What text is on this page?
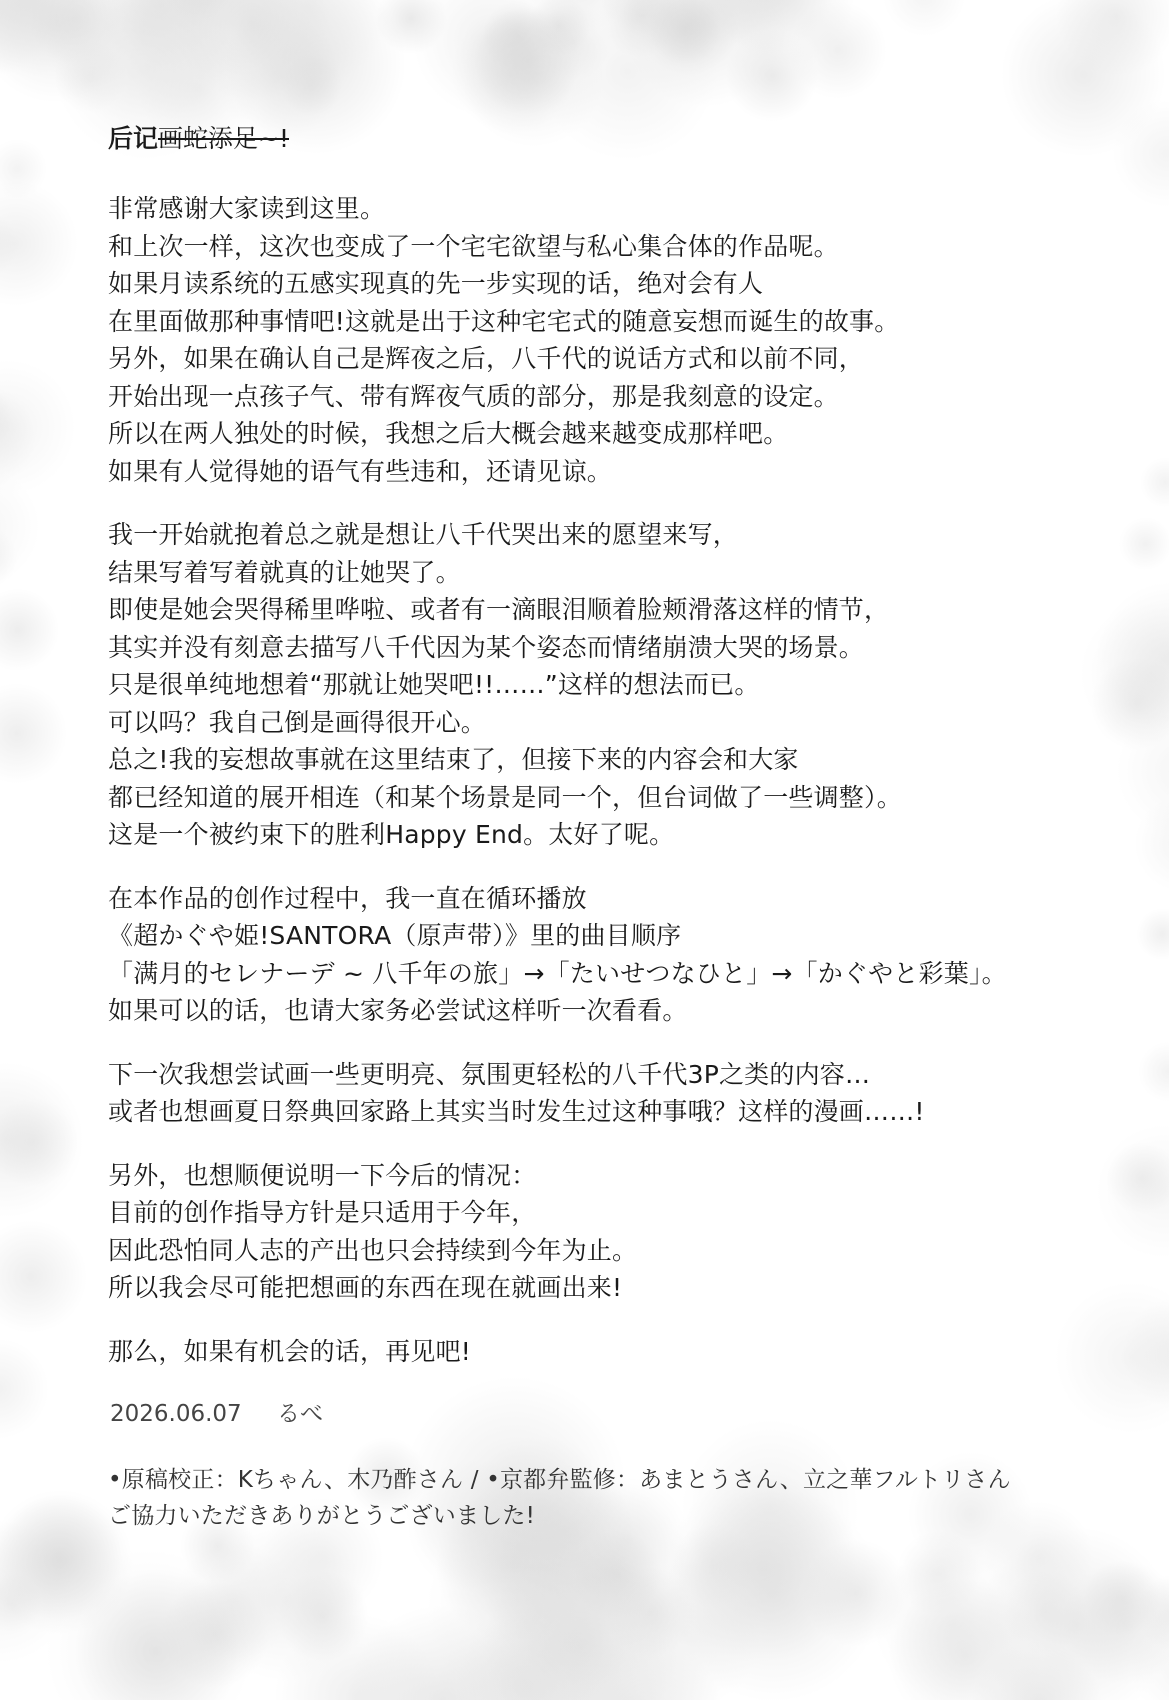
后记画蛇添足~!
非常感谢大家读到这里。
和上次一样，这次也变成了一个宅宅欲望与私心集合体的作品呢。
如果月读系统的五感实现真的先一步实现的话，绝对会有人
在里面做那种事情吧!这就是出于这种宅宅式的随意妄想而诞生的故事。
另外，如果在确认自己是辉夜之后，八千代的说话方式和以前不同，
开始出现一点孩子气、带有辉夜气质的部分，那是我刻意的设定。
所以在两人独处的时候，我想之后大概会越来越变成那样吧。
如果有人觉得她的语气有些违和，还请见谅。
我一开始就抱着总之就是想让八千代哭出来的愿望来写，
结果写着写着就真的让她哭了。
即使是她会哭得稀里哗啦、或者有一滴眼泪顺着脸颊滑落这样的情节，
其实并没有刻意去描写八千代因为某个姿态而情绪崩溃大哭的场景。
只是很单纯地想着“那就让她哭吧!!……”这样的想法而已。
可以吗？我自己倒是画得很开心。
总之!我的妄想故事就在这里结束了，但接下来的内容会和大家
都已经知道的展开相连（和某个场景是同一个，但台词做了一些调整）。
这是一个被约束下的胜利Happy End。太好了呢。
在本作品的创作过程中，我一直在循环播放
《超かぐや姫!SANTORA（原声带）》里的曲目顺序
「满月的セレナーデ ~ 八千年の旅」→「たいせつなひと」→「かぐやと彩葉」。
如果可以的话，也请大家务必尝试这样听一次看看。
下一次我想尝试画一些更明亮、氛围更轻松的八千代3P之类的内容…
或者也想画夏日祭典回家路上其实当时发生过这种事哦？这样的漫画……!
另外，也想顺便说明一下今后的情况：
目前的创作指导方针是只适用于今年，
因此恐怕同人志的产出也只会持续到今年为止。
所以我会尽可能把想画的东西在现在就画出来!
那么，如果有机会的话，再见吧!
2026.06.07 るべ
•原稿校正：Kちゃん、木乃酢さん / •京都弁監修：あまとうさん、立之華フルトリさん
ご協力いただきありがとうございました!
